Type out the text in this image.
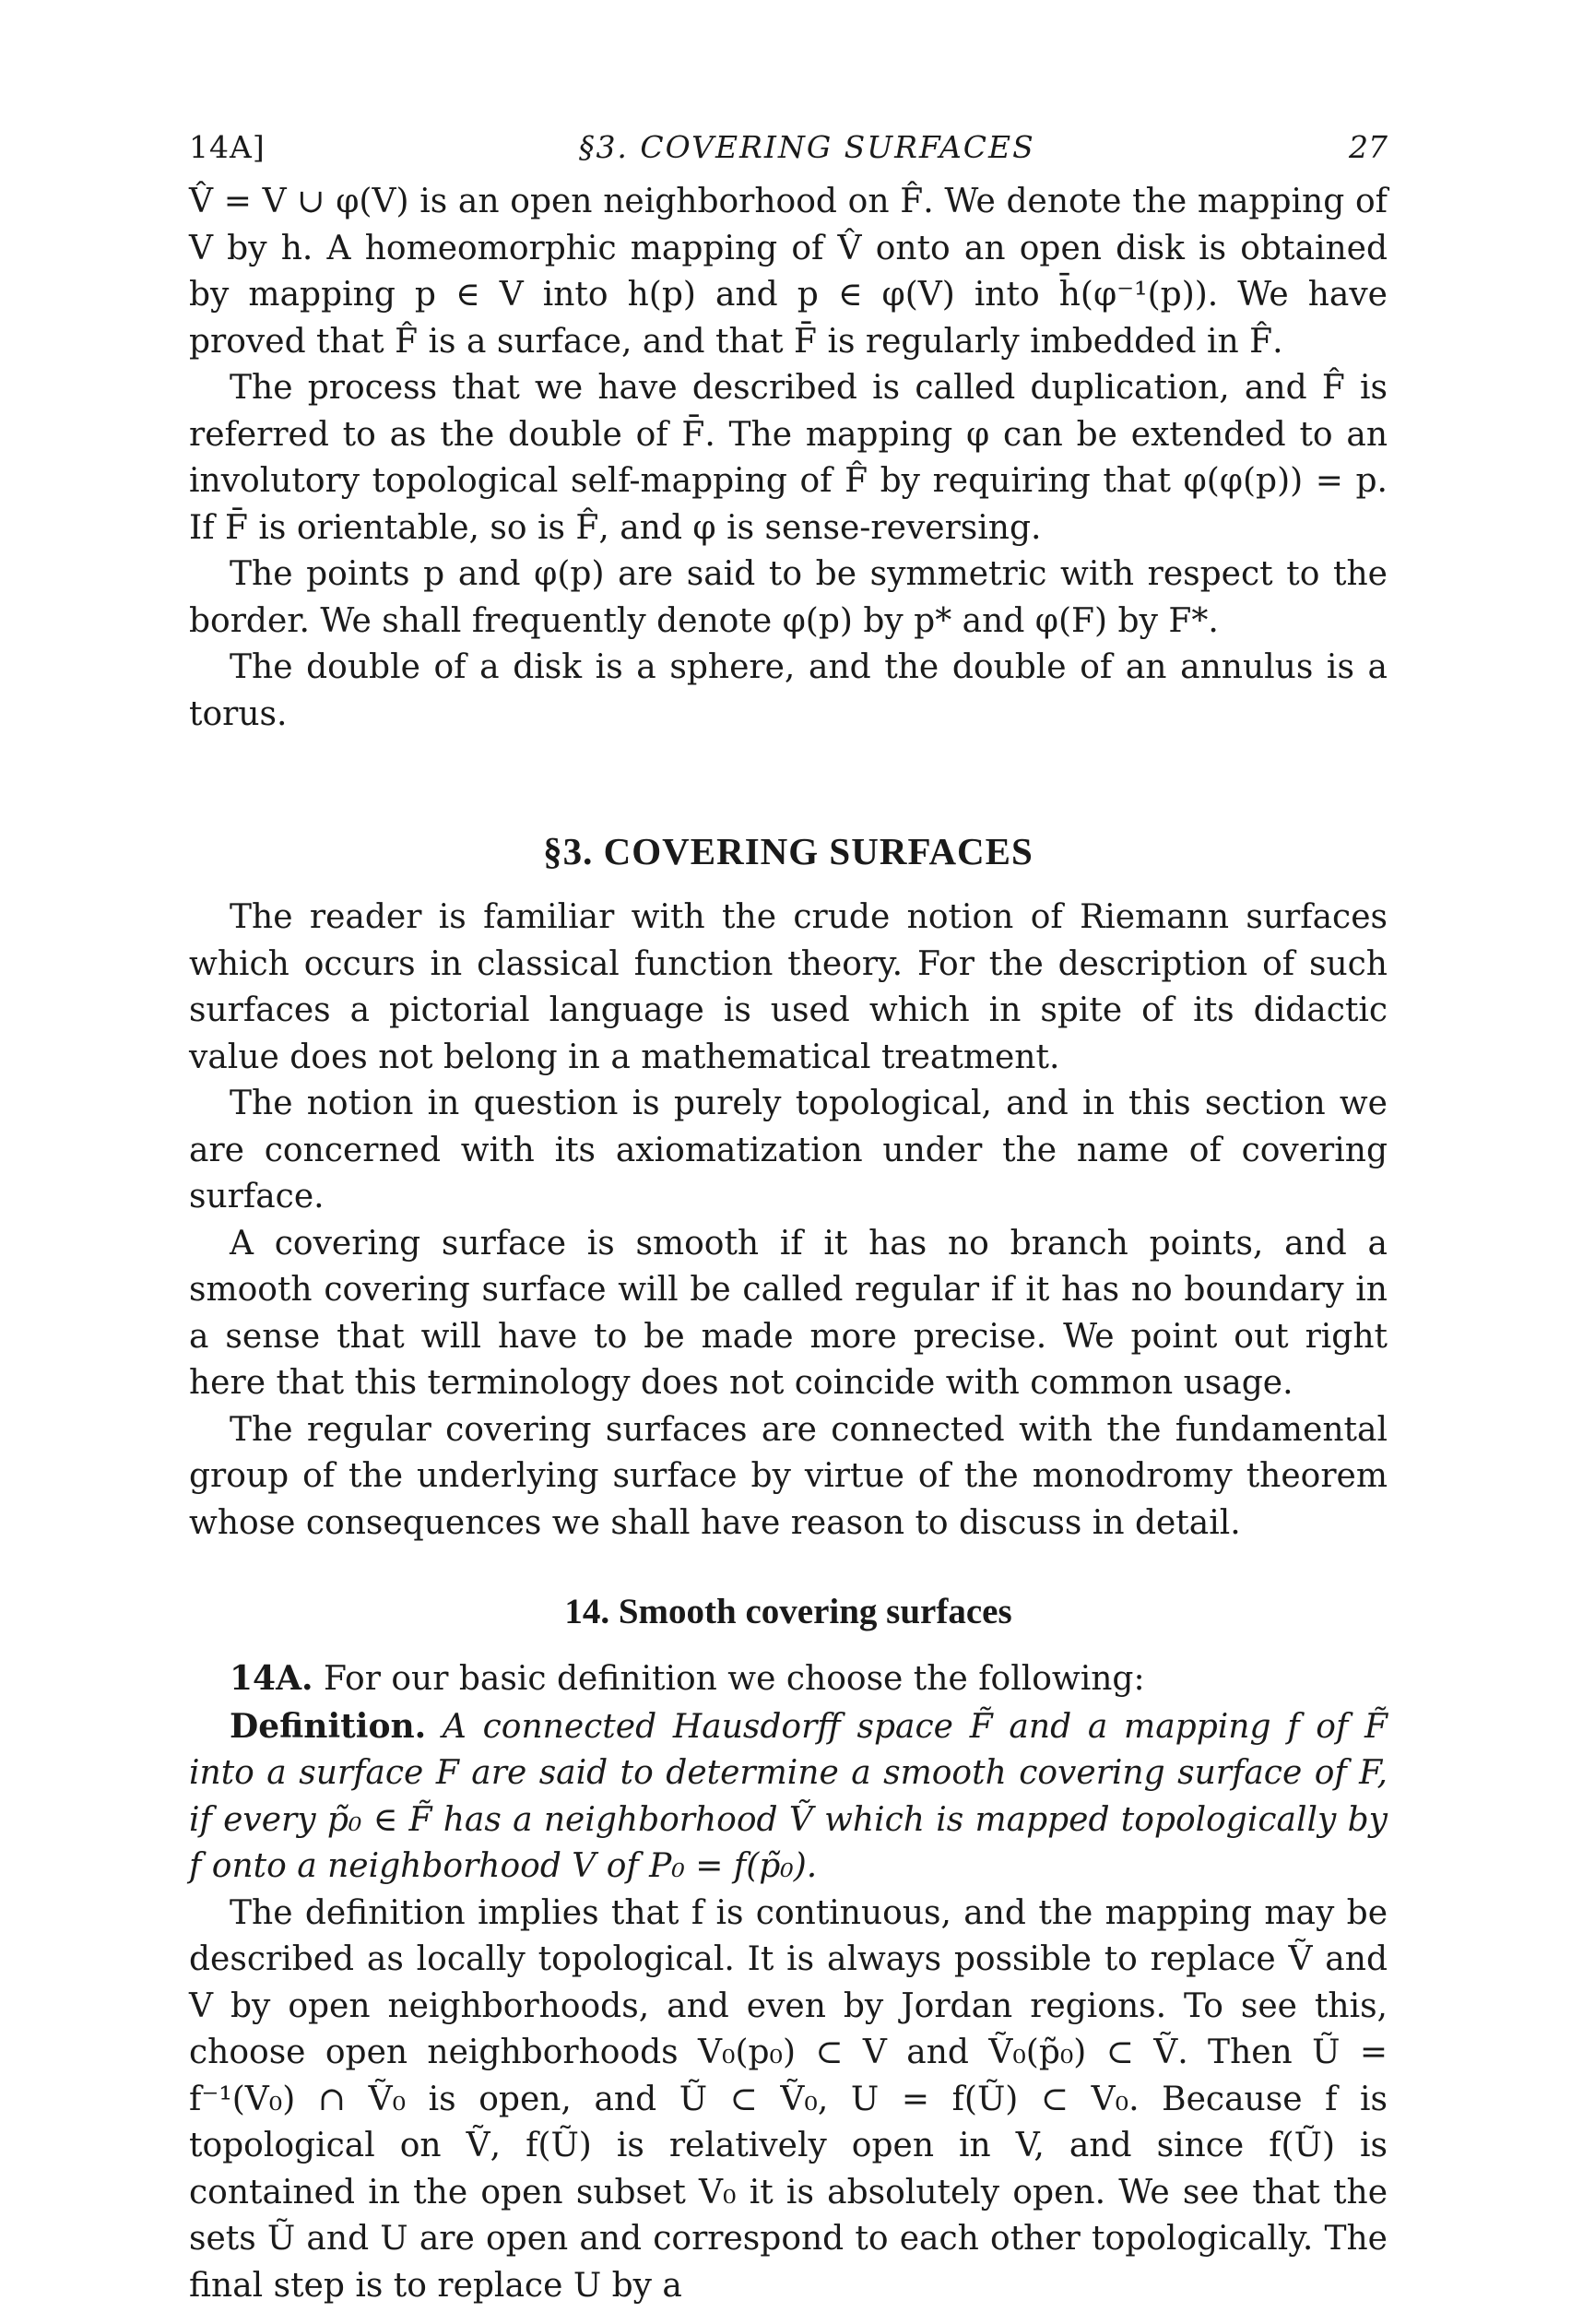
14A]	§3. COVERING SURFACES	27

V̂ = V ∪ φ(V) is an open neighborhood on F̂. We denote the mapping of V by h. A homeomorphic mapping of V̂ onto an open disk is obtained by mapping p ∈ V into h(p) and p ∈ φ(V) into h̄(φ⁻¹(p)). We have proved that F̂ is a surface, and that F̄ is regularly imbedded in F̂.

The process that we have described is called duplication, and F̂ is referred to as the double of F̄. The mapping φ can be extended to an involutory topological self-mapping of F̂ by requiring that φ(φ(p)) = p. If F̄ is orientable, so is F̂, and φ is sense-reversing.

The points p and φ(p) are said to be symmetric with respect to the border. We shall frequently denote φ(p) by p* and φ(F) by F*.

The double of a disk is a sphere, and the double of an annulus is a torus.

§3. COVERING SURFACES

The reader is familiar with the crude notion of Riemann surfaces which occurs in classical function theory. For the description of such surfaces a pictorial language is used which in spite of its didactic value does not belong in a mathematical treatment.

The notion in question is purely topological, and in this section we are concerned with its axiomatization under the name of covering surface.

A covering surface is smooth if it has no branch points, and a smooth covering surface will be called regular if it has no boundary in a sense that will have to be made more precise. We point out right here that this terminology does not coincide with common usage.

The regular covering surfaces are connected with the fundamental group of the underlying surface by virtue of the monodromy theorem whose consequences we shall have reason to discuss in detail.

14. Smooth covering surfaces

14A. For our basic definition we choose the following:

Definition. A connected Hausdorff space F̃ and a mapping f of F̃ into a surface F are said to determine a smooth covering surface of F, if every p̃₀ ∈ F̃ has a neighborhood Ṽ which is mapped topologically by f onto a neighborhood V of P₀ = f(p̃₀).

The definition implies that f is continuous, and the mapping may be described as locally topological. It is always possible to replace Ṽ and V by open neighborhoods, and even by Jordan regions. To see this, choose open neighborhoods V₀(p₀) ⊂ V and Ṽ₀(p̃₀) ⊂ Ṽ. Then Ũ = f⁻¹(V₀) ∩ Ṽ₀ is open, and Ũ ⊂ Ṽ₀, U = f(Ũ) ⊂ V₀. Because f is topological on Ṽ, f(Ũ) is relatively open in V, and since f(Ũ) is contained in the open subset V₀ it is absolutely open. We see that the sets Ũ and U are open and correspond to each other topologically. The final step is to replace U by a
